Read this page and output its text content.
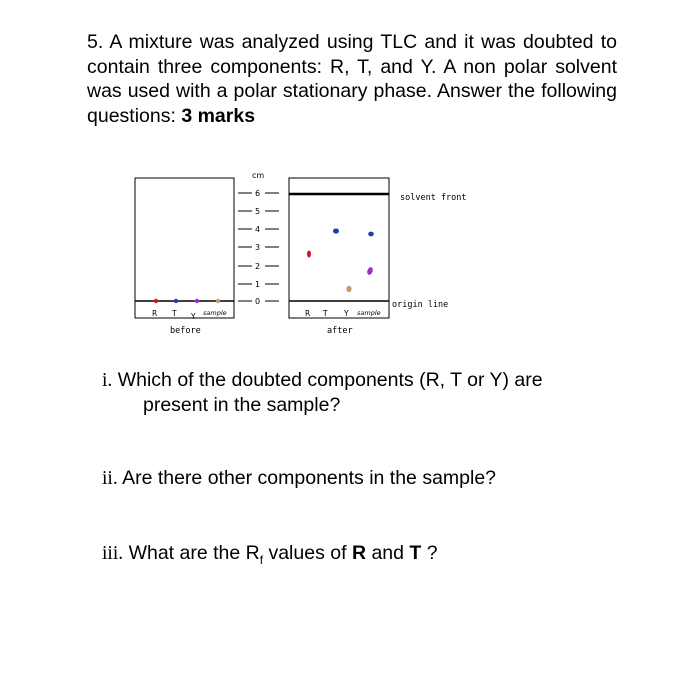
5. A mixture was analyzed using TLC and it was doubted to contain three components: R, T, and Y. A non polar solvent was used with a polar stationary phase. Answer the following questions: 3 marks
R T Y sample
before
cm
6
5
4
3
2
1
0
solvent front
origin line
R T Y sample
after
i. Which of the doubted components (R, T or Y) are
present in the sample?
ii. Are there other components in the sample?
iii. What are the $R_f$ values of R and T ?
